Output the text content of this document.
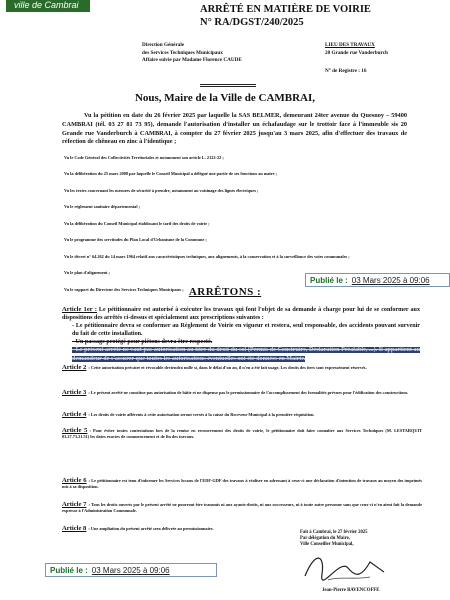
ville de Cambrai	ARRÊTÉ EN MATIÈRE DE VOIRIE
N° RA/DGST/240/2025
Direction Générale
des Services Techniques Municipaux
Affaire suivie par Madame Florence CAUDE
LIEU DES TRAVAUX
20 Grande rue Vanderburch
N° de Registre : 16
Nous, Maire de la Ville de CAMBRAI,
Vu la pétition en date du 26 février 2025 par laquelle la SAS BELMER, demeurant 24ter avenue du Quesnoy – 59400 CAMBRAI (tél. 03 27 81 73 95), demande l'autorisation d'installer un échafaudage sur le trottoir face à l'immeuble sis 20 Grande rue Vanderburch à CAMBRAI, à compter du 27 février 2025 jusqu'au 3 mars 2025, afin d'effectuer des travaux de réfection de chêneau en zinc à l'identique ;
Vu le Code Général des Collectivités Territoriales et notamment son article L. 2122-22 ;
Vu la délibération du 25 mars 2008 par laquelle le Conseil Municipal a délégué une partie de ses fonctions au maire ;
Vu les textes concernant les mesures de sécurité à prendre, notamment au voisinage des lignes électriques ;
Vu le règlement sanitaire départemental ;
Vu la délibération du Conseil Municipal établissant le tarif des droits de voirie ;
Vu le programme des servitudes du Plan Local d'Urbanisme de la Commune ;
Vu le décret n° 64.262 du 14 mars 1964 relatif aux caractéristiques techniques, aux alignements, à la conservation et à la surveillance des voies communales ;
Vu le plan d'alignement ;
Vu le rapport du Directeur des Services Techniques Municipaux ;
Publié le : 03 Mars 2025 à 09:06
ARRÊTONS :
Article 1er : Le pétitionnaire est autorisé à exécuter les travaux qui font l'objet de sa demande à charge pour lui de se conformer aux dispositions des arrêtés ci-dessus et spécialement aux prescriptions suivantes :
- Le pétitionnaire devra se conformer au Règlement de Voirie en vigueur et restera, seul responsable, des accidents pouvant survenir du fait de cette installation.
- Un passage protégé pour piétons devra être respecté.
- Le présent arrêté ne vaut pas autorisation au titre du droit du sol (Permis de Construire, Déclaration Préalable, ...). Il appartient au demandeur de s'assurer que toutes les autorisations éventuelles ont été données en Mairie.
Article 2 : Cette autorisation précaire et révocable deviendra nulle si, dans le délai d'un an, il n'en a été fait usage. Les droits des tiers sont expressément réservés.
Article 3 : Le présent arrêté ne constitue pas autorisation de bâtir et ne dispense pas le permissionnaire de l'accomplissement des formalités prévues pour l'édification des constructions.
Article 4 : Les droits de voirie afférents à cette autorisation seront versés à la caisse du Receveur Municipal à la première réquisition.
Article 5 : Pour éviter toutes contestations lors de la remise en recouvrement des droits de voirie, le pétitionnaire doit faire connaître aux Services Techniques (M. LESTARQUIT 03.27.73.21.51) les dates exactes de commencement et de fin des travaux.
Article 6 : Le pétitionnaire est tenu d'informer les Services locaux de l'EDF-GDF des travaux à réaliser en adressant à ceux-ci une déclaration d'intention de travaux au moyen des imprimés mis à sa disposition.
Article 7 : Tous les droits ouverts par le présent arrêté ne pourront être transmis ni aux ayants-droits, ni aux successeurs, ni à toute autre personne sans que ceux-ci n'en aient fait la demande expresse à l'Administration Communale.
Article 8 : Une ampliation du présent arrêté sera délivrée au permissionnaire.
Fait à Cambrai, le 27 février 2025
Par délégation du Maire,
Ville Conseiller Municipal,
Jean-Pierre BAVENCOFFE
Publié le : 03 Mars 2025 à 09:06
